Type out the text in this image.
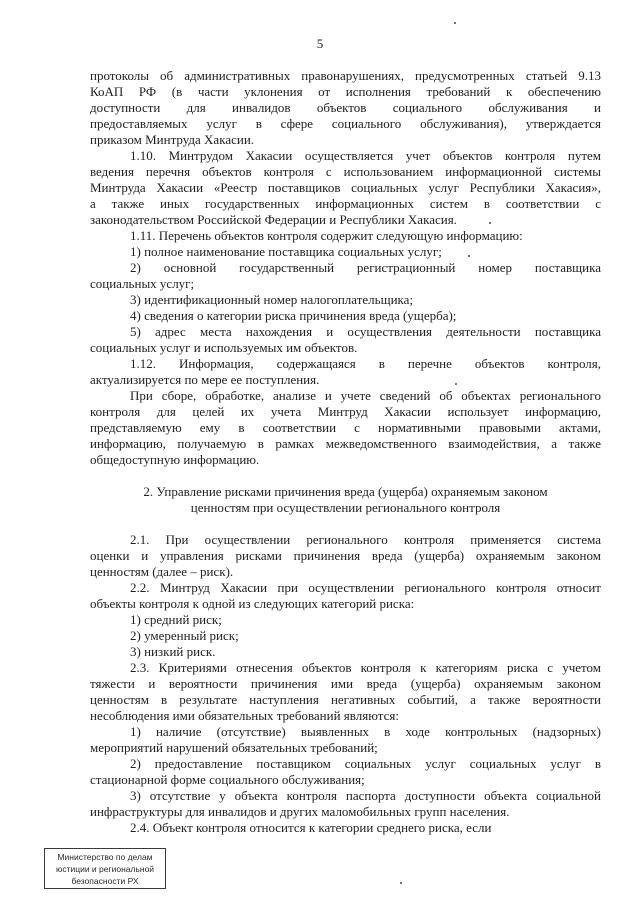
5
протоколы об административных правонарушениях, предусмотренных статьей 9.13
КоАП РФ (в части уклонения от исполнения требований к обеспечению
доступности для инвалидов объектов социального обслуживания и
предоставляемых услуг в сфере социального обслуживания), утверждается
приказом Минтруда Хакасии.
1.10. Минтрудом Хакасии осуществляется учет объектов контроля путем
ведения перечня объектов контроля с использованием информационной системы
Минтруда Хакасии «Реестр поставщиков социальных услуг Республики Хакасия»,
а также иных государственных информационных систем в соответствии с
законодательством Российской Федерации и Республики Хакасия.
1.11. Перечень объектов контроля содержит следующую информацию:
1) полное наименование поставщика социальных услуг;
2) основной государственный регистрационный номер поставщика
социальных услуг;
3) идентификационный номер налогоплательщика;
4) сведения о категории риска причинения вреда (ущерба);
5) адрес места нахождения и осуществления деятельности поставщика
социальных услуг и используемых им объектов.
1.12. Информация, содержащаяся в перечне объектов контроля,
актуализируется по мере ее поступления.
При сборе, обработке, анализе и учете сведений об объектах регионального
контроля для целей их учета Минтруд Хакасии использует информацию,
представляемую ему в соответствии с нормативными правовыми актами,
информацию, получаемую в рамках межведомственного взаимодействия, а также
общедоступную информацию.
2. Управление рисками причинения вреда (ущерба) охраняемым законом
ценностям при осуществлении регионального контроля
2.1. При осуществлении регионального контроля применяется система
оценки и управления рисками причинения вреда (ущерба) охраняемым законом
ценностям (далее – риск).
2.2. Минтруд Хакасии при осуществлении регионального контроля относит
объекты контроля к одной из следующих категорий риска:
1) средний риск;
2) умеренный риск;
3) низкий риск.
2.3. Критериями отнесения объектов контроля к категориям риска с учетом
тяжести и вероятности причинения ими вреда (ущерба) охраняемым законом
ценностям в результате наступления негативных событий, а также вероятности
несоблюдения ими обязательных требований являются:
1) наличие (отсутствие) выявленных в ходе контрольных (надзорных)
мероприятий нарушений обязательных требований;
2) предоставление поставщиком социальных услуг социальных услуг в
стационарной форме социального обслуживания;
3) отсутствие у объекта контроля паспорта доступности объекта социальной
инфраструктуры для инвалидов и других маломобильных групп населения.
2.4. Объект контроля относится к категории среднего риска, если
Министерство по делам
юстиции и региональной
безопасности РХ
